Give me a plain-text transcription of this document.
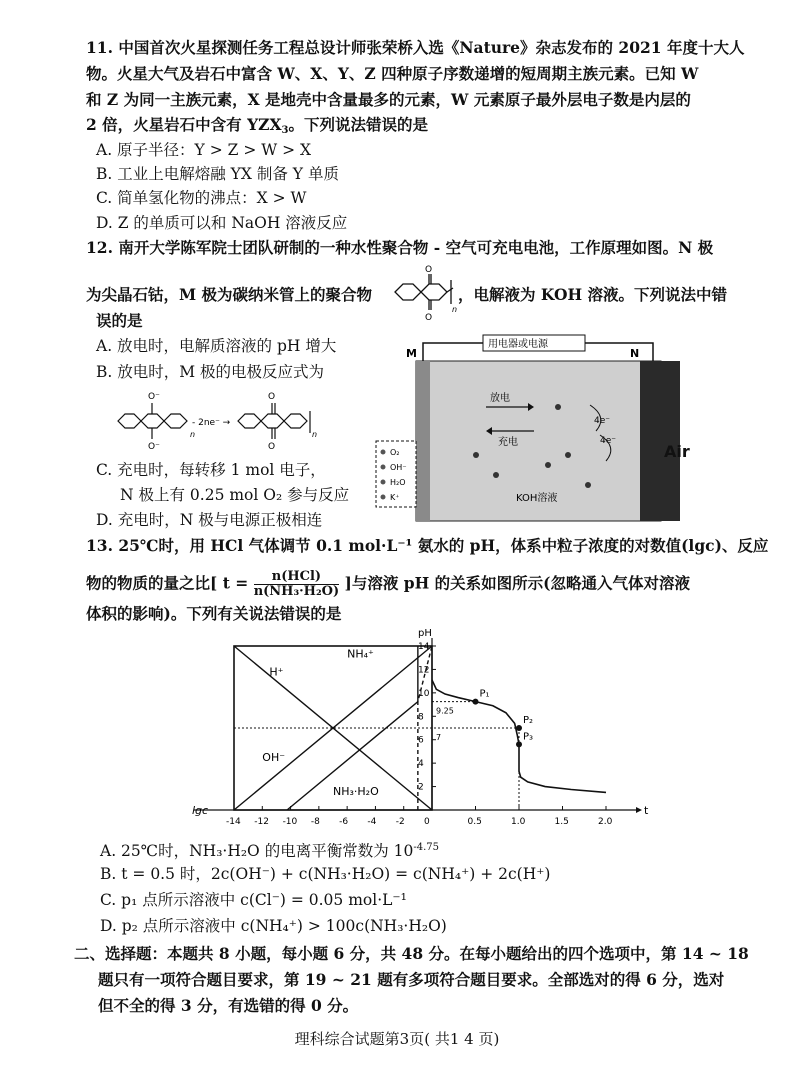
11. 中国首次火星探测任务工程总设计师张荣桥入选《Nature》杂志发布的 2021 年度十大人
物。火星大气及岩石中富含 W、X、Y、Z 四种原子序数递增的短周期主族元素。已知 W
和 Z 为同一主族元素，X 是地壳中含量最多的元素，W 元素原子最外层电子数是内层的
2 倍，火星岩石中含有 $YZX_3$。下列说法错误的是
A. 原子半径：Y > Z > W > X
B. 工业上电解熔融 YX 制备 Y 单质
C. 简单氢化物的沸点：X > W
D. Z 的单质可以和 NaOH 溶液反应
12. 南开大学陈军院士团队研制的一种水性聚合物 - 空气可充电电池，工作原理如图。N 极
为尖晶石钴，M 极为碳纳米管上的聚合物
O
O
n
，电解液为 KOH 溶液。下列说法中错
误的是
A. 放电时，电解质溶液的 pH 增大
B. 放电时，M 极的电极反应式为
O⁻
O⁻
O
O
- 2ne⁻ →
n	n
C. 充电时，每转移 1 mol 电子，
N 极上有 0.25 mol O₂ 参与反应
D. 充电时，N 极与电源正极相连
用电器或电源
M	N
放电
充电
4e⁻
4e⁻
Air
KOH溶液
O₂
OH⁻
H₂O
K⁺
13. 25℃时，用 HCl 气体调节 0.1 mol·L⁻¹ 氨水的 pH，体系中粒子浓度的对数值(lgc)、反应
物的物质的量之比[ t =	n(HCl)
n(NH₃·H₂O) ]与溶液 pH 的关系如图所示(忽略通入气体对溶液
体积的影响)。下列有关说法错误的是
pH
lgc	t
-14 -12 -10 -8 -6 -4 -2 0	0.5	1.0	1.5	2.0
2
4
6
8
10
12
14
H⁺
OH⁻
NH₄⁺
NH₃·H₂O
9.25
7
P₁
P₂
P₃
A. 25℃时，NH₃·H₂O 的电离平衡常数为 $10^{-4.75}$
B. t = 0.5 时，2c(OH⁻) + c(NH₃·H₂O) = c(NH₄⁺) + 2c(H⁺)
C. p₁ 点所示溶液中 c(Cl⁻) = 0.05 mol·L⁻¹
D. p₂ 点所示溶液中 c(NH₄⁺) > 100c(NH₃·H₂O)
二、选择题：本题共 8 小题，每小题 6 分，共 48 分。在每小题给出的四个选项中，第 14 ~ 18
题只有一项符合题目要求，第 19 ~ 21 题有多项符合题目要求。全部选对的得 6 分，选对
但不全的得 3 分，有选错的得 0 分。
理科综合试题第3页( 共1 4 页)
